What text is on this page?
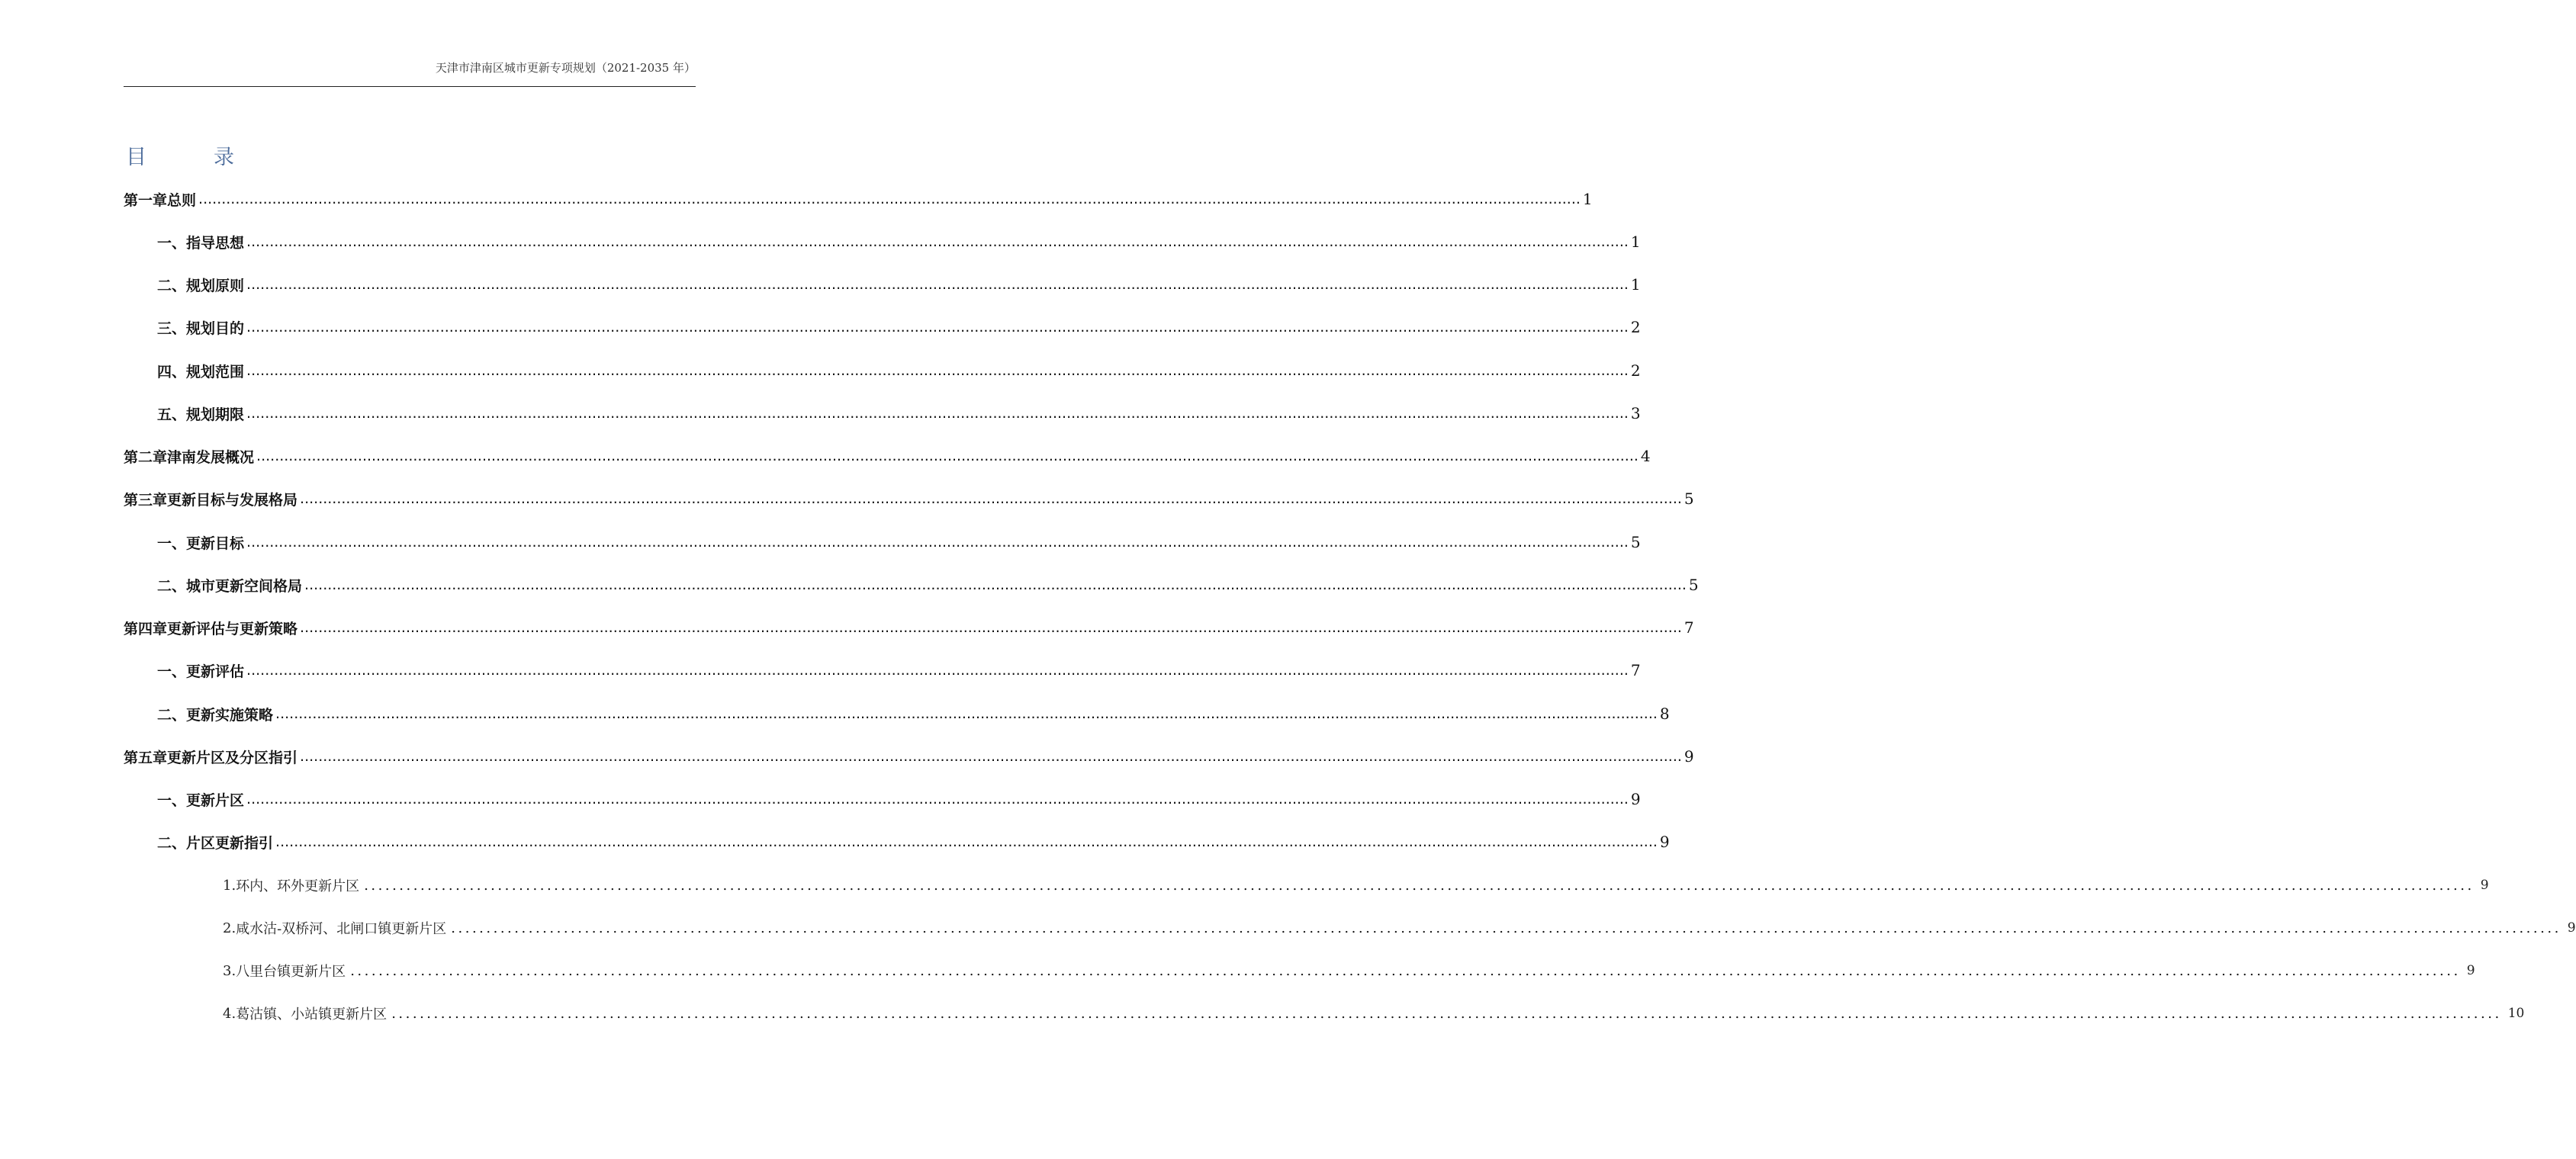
天津市津南区城市更新专项规划（2021-2035 年）
目	录
第一章 总则 ............................................................................................................................................................................................................................................................................................................ 1
一、 指导思想 ............................................................................................................................................................................................................................................................................................................ 1
二、 规划原则 ............................................................................................................................................................................................................................................................................................................ 1
三、 规划目的 ............................................................................................................................................................................................................................................................................................................ 2
四、 规划范围 ............................................................................................................................................................................................................................................................................................................ 2
五、 规划期限 ............................................................................................................................................................................................................................................................................................................ 3
第二章 津南发展概况 ............................................................................................................................................................................................................................................................................................................ 4
第三章 更新目标与发展格局 ............................................................................................................................................................................................................................................................................................................ 5
一、 更新目标 ............................................................................................................................................................................................................................................................................................................ 5
二、 城市更新空间格局 ............................................................................................................................................................................................................................................................................................................ 5
第四章 更新评估与更新策略 ............................................................................................................................................................................................................................................................................................................ 7
一、 更新评估 ............................................................................................................................................................................................................................................................................................................ 7
二、 更新实施策略 ............................................................................................................................................................................................................................................................................................................ 8
第五章 更新片区及分区指引 ............................................................................................................................................................................................................................................................................................................ 9
一、 更新片区 ............................................................................................................................................................................................................................................................................................................ 9
二、 片区更新指引 ............................................................................................................................................................................................................................................................................................................ 9
1. 环内、环外更新片区 ............................................................................................................................................................................................................................................................................................................ 9
2. 咸水沽-双桥河、北闸口镇更新片区 ............................................................................................................................................................................................................................................................................................................ 9
3. 八里台镇更新片区 ............................................................................................................................................................................................................................................................................................................ 9
4. 葛沽镇、小站镇更新片区 ............................................................................................................................................................................................................................................................................................................ 10
